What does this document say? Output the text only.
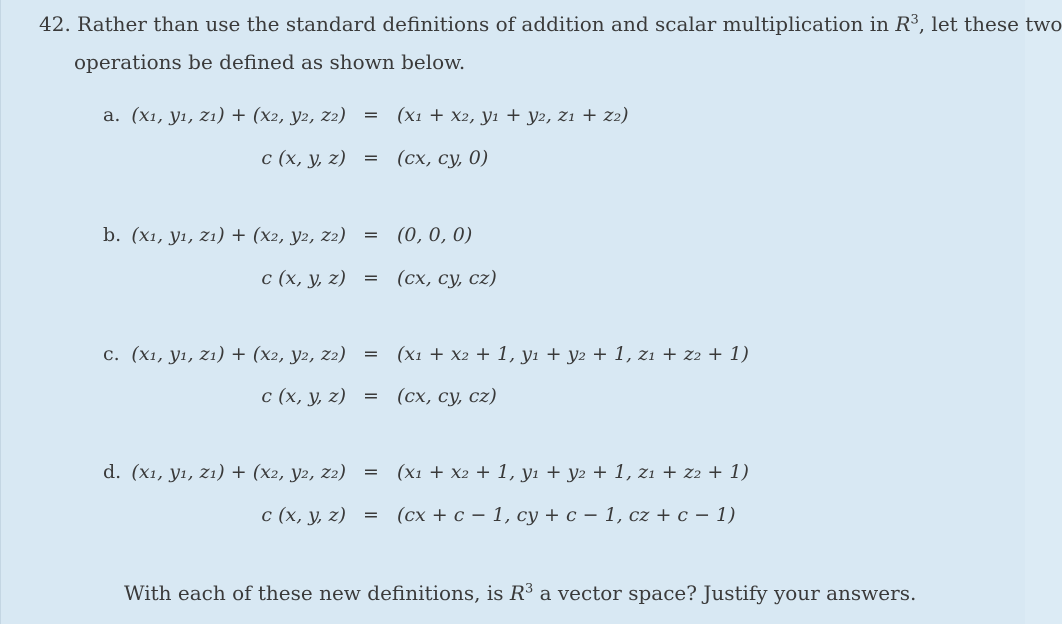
42. Rather than use the standard definitions of addition and scalar multiplication in $R^3$, let these two
operations be defined as shown below.
a. (x₁, y₁, z₁) + (x₂, y₂, z₂) = (x₁ + x₂, y₁ + y₂, z₁ + z₂)
c (x, y, z) = (cx, cy, 0)
b. (x₁, y₁, z₁) + (x₂, y₂, z₂) = (0, 0, 0)
c (x, y, z) = (cx, cy, cz)
c. (x₁, y₁, z₁) + (x₂, y₂, z₂) = (x₁ + x₂ + 1, y₁ + y₂ + 1, z₁ + z₂ + 1)
c (x, y, z) = (cx, cy, cz)
d. (x₁, y₁, z₁) + (x₂, y₂, z₂) = (x₁ + x₂ + 1, y₁ + y₂ + 1, z₁ + z₂ + 1)
c (x, y, z) = (cx + c − 1, cy + c − 1, cz + c − 1)
With each of these new definitions, is $R^3$ a vector space? Justify your answers.
